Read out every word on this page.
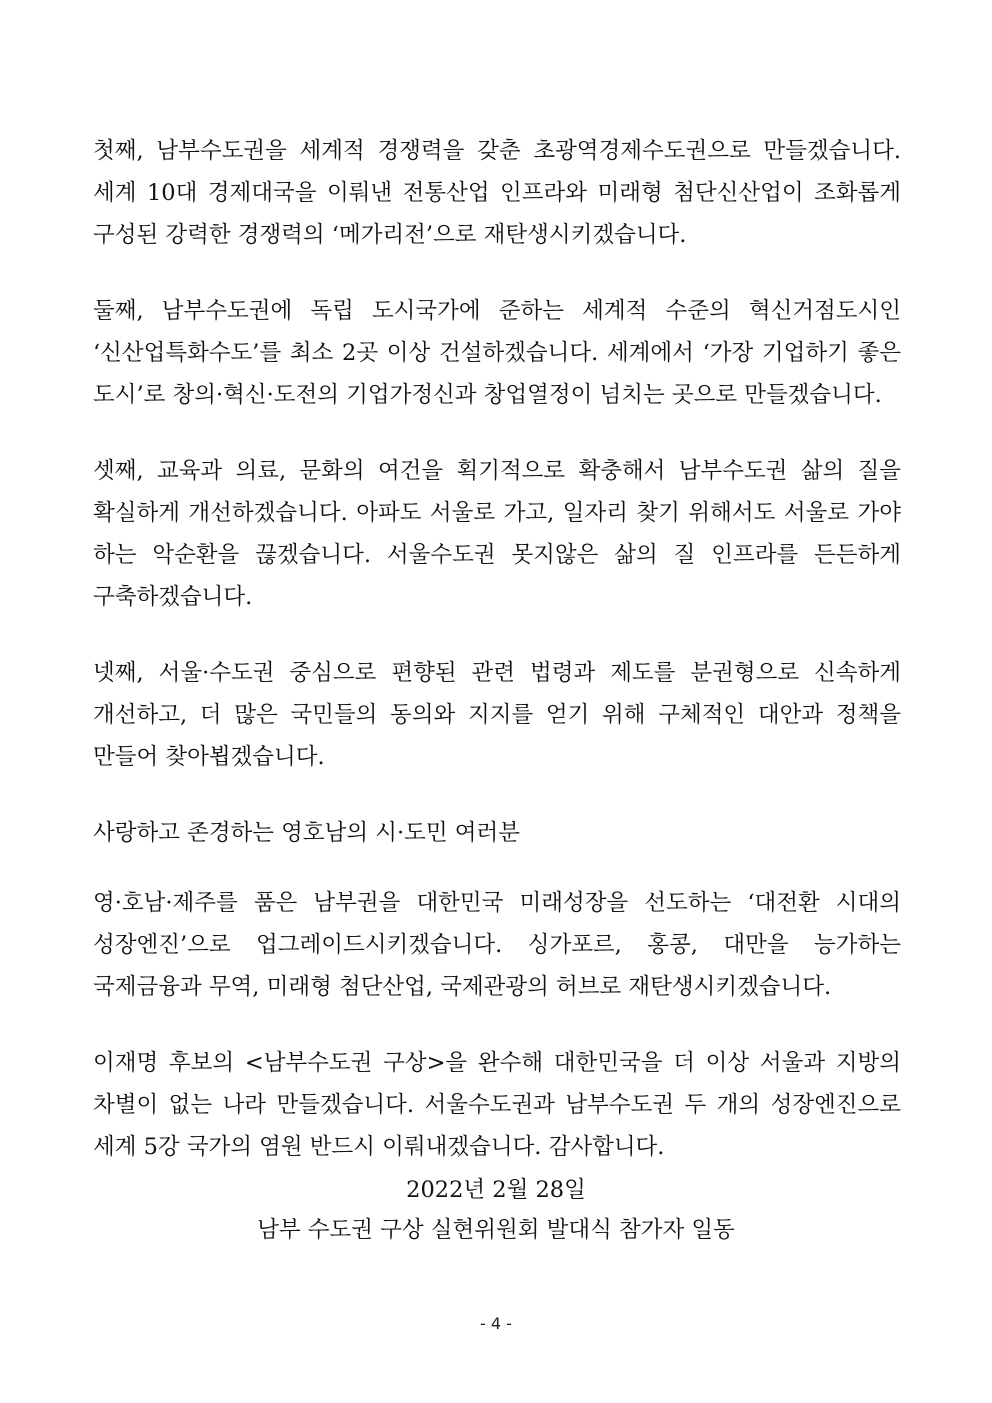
첫째, 남부수도권을 세계적 경쟁력을 갖춘 초광역경제수도권으로 만들겠습니다. 세계 10대 경제대국을 이뤄낸 전통산업 인프라와 미래형 첨단신산업이 조화롭게 구성된 강력한 경쟁력의 ‘메가리전’으로 재탄생시키겠습니다.

둘째, 남부수도권에 독립 도시국가에 준하는 세계적 수준의 혁신거점도시인 ‘신산업특화수도’를 최소 2곳 이상 건설하겠습니다. 세계에서 ‘가장 기업하기 좋은 도시’로 창의·혁신·도전의 기업가정신과 창업열정이 넘치는 곳으로 만들겠습니다.

셋째, 교육과 의료, 문화의 여건을 획기적으로 확충해서 남부수도권 삶의 질을 확실하게 개선하겠습니다. 아파도 서울로 가고, 일자리 찾기 위해서도 서울로 가야 하는 악순환을 끊겠습니다. 서울수도권 못지않은 삶의 질 인프라를 든든하게 구축하겠습니다.

넷째, 서울·수도권 중심으로 편향된 관련 법령과 제도를 분권형으로 신속하게 개선하고, 더 많은 국민들의 동의와 지지를 얻기 위해 구체적인 대안과 정책을 만들어 찾아뵙겠습니다.

사랑하고 존경하는 영호남의 시·도민 여러분

영·호남·제주를 품은 남부권을 대한민국 미래성장을 선도하는 ‘대전환 시대의 성장엔진’으로 업그레이드시키겠습니다. 싱가포르, 홍콩, 대만을 능가하는 국제금융과 무역, 미래형 첨단산업, 국제관광의 허브로 재탄생시키겠습니다.

이재명 후보의 <남부수도권 구상>을 완수해 대한민국을 더 이상 서울과 지방의 차별이 없는 나라 만들겠습니다. 서울수도권과 남부수도권 두 개의 성장엔진으로 세계 5강 국가의 염원 반드시 이뤄내겠습니다. 감사합니다.

2022년 2월 28일
남부 수도권 구상 실현위원회 발대식 참가자 일동
- 4 -
